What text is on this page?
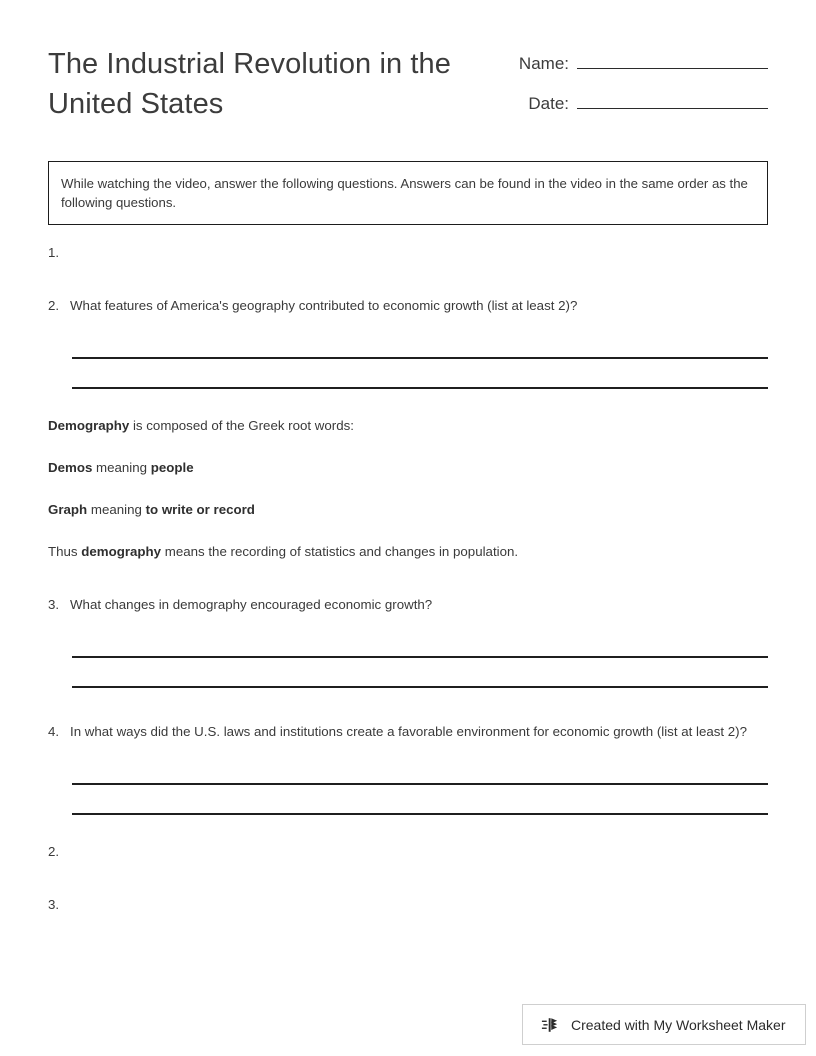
The Industrial Revolution in the United States
Name:
Date:
While watching the video, answer the following questions. Answers can be found in the video in the same order as the following questions.
1.
2. What features of America's geography contributed to economic growth (list at least 2)?
Demography is composed of the Greek root words:
Demos meaning people
Graph meaning to write or record
Thus demography means the recording of statistics and changes in population.
3. What changes in demography encouraged economic growth?
4. In what ways did the U.S. laws and institutions create a favorable environment for economic growth (list at least 2)?
2.
3.
Created with My Worksheet Maker
